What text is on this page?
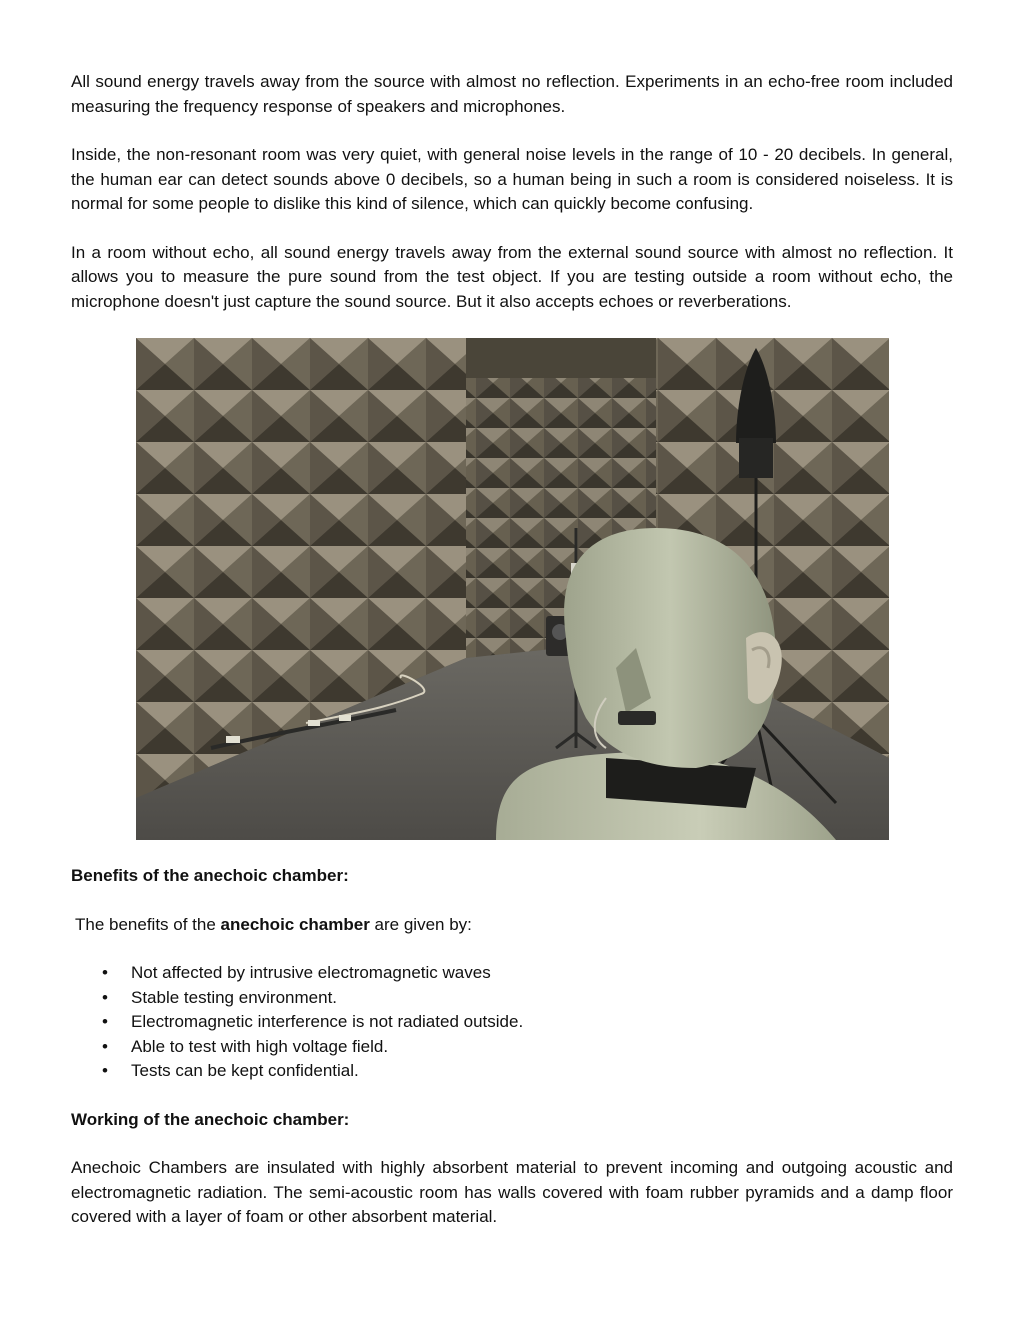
All sound energy travels away from the source with almost no reflection. Experiments in an echo-free room included measuring the frequency response of speakers and microphones.

Inside, the non-resonant room was very quiet, with general noise levels in the range of 10 - 20 decibels. In general, the human ear can detect sounds above 0 decibels, so a human being in such a room is considered noiseless. It is normal for some people to dislike this kind of silence, which can quickly become confusing.

In a room without echo, all sound energy travels away from the external sound source with almost no reflection. It allows you to measure the pure sound from the test object. If you are testing outside a room without echo, the microphone doesn't just capture the sound source. But it also accepts echoes or reverberations.

Benefits of the anechoic chamber:

The benefits of the anechoic chamber are given by:

• Not affected by intrusive electromagnetic waves
• Stable testing environment.
• Electromagnetic interference is not radiated outside.
• Able to test with high voltage field.
• Tests can be kept confidential.

Working of the anechoic chamber:

Anechoic Chambers are insulated with highly absorbent material to prevent incoming and outgoing acoustic and electromagnetic radiation. The semi-acoustic room has walls covered with foam rubber pyramids and a damp floor covered with a layer of foam or other absorbent material.
